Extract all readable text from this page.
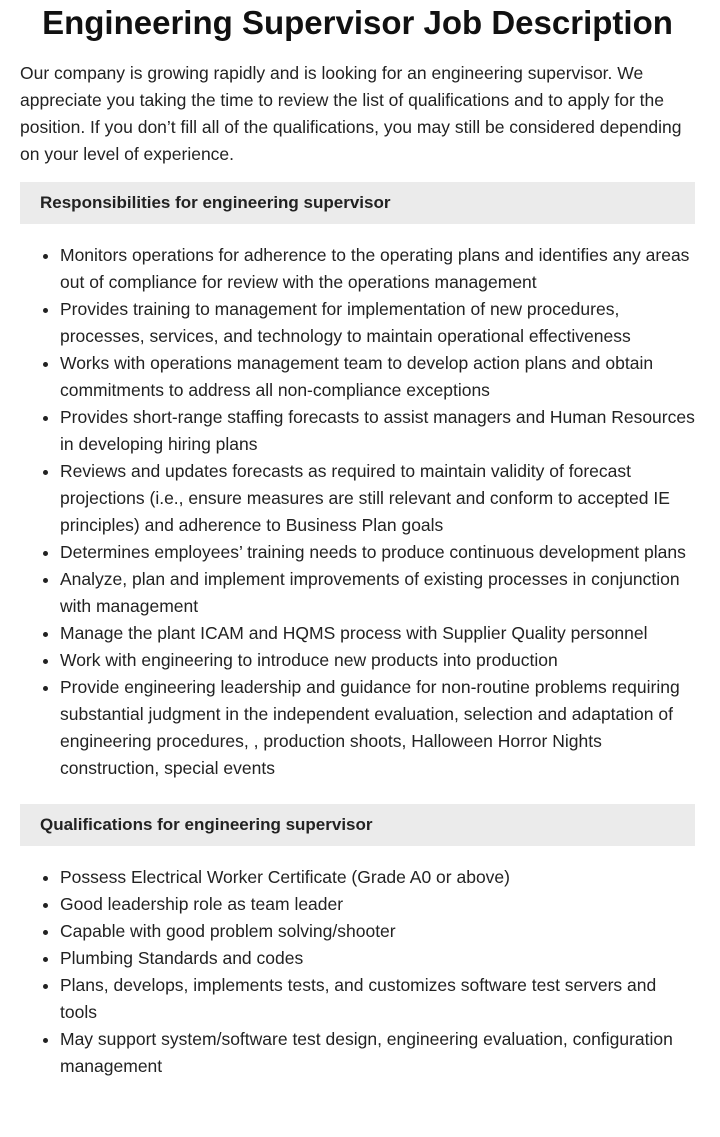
Engineering Supervisor Job Description

Our company is growing rapidly and is looking for an engineering supervisor. We appreciate you taking the time to review the list of qualifications and to apply for the position. If you don’t fill all of the qualifications, you may still be considered depending on your level of experience.

Responsibilities for engineering supervisor
• Monitors operations for adherence to the operating plans and identifies any areas out of compliance for review with the operations management
• Provides training to management for implementation of new procedures, processes, services, and technology to maintain operational effectiveness
• Works with operations management team to develop action plans and obtain commitments to address all non-compliance exceptions
• Provides short-range staffing forecasts to assist managers and Human Resources in developing hiring plans
• Reviews and updates forecasts as required to maintain validity of forecast projections (i.e., ensure measures are still relevant and conform to accepted IE principles) and adherence to Business Plan goals
• Determines employees’ training needs to produce continuous development plans
• Analyze, plan and implement improvements of existing processes in conjunction with management
• Manage the plant ICAM and HQMS process with Supplier Quality personnel
• Work with engineering to introduce new products into production
• Provide engineering leadership and guidance for non-routine problems requiring substantial judgment in the independent evaluation, selection and adaptation of engineering procedures, , production shoots, Halloween Horror Nights construction, special events
Qualifications for engineering supervisor
• Possess Electrical Worker Certificate (Grade A0 or above)
• Good leadership role as team leader
• Capable with good problem solving/shooter
• Plumbing Standards and codes
• Plans, develops, implements tests, and customizes software test servers and tools
• May support system/software test design, engineering evaluation, configuration management
